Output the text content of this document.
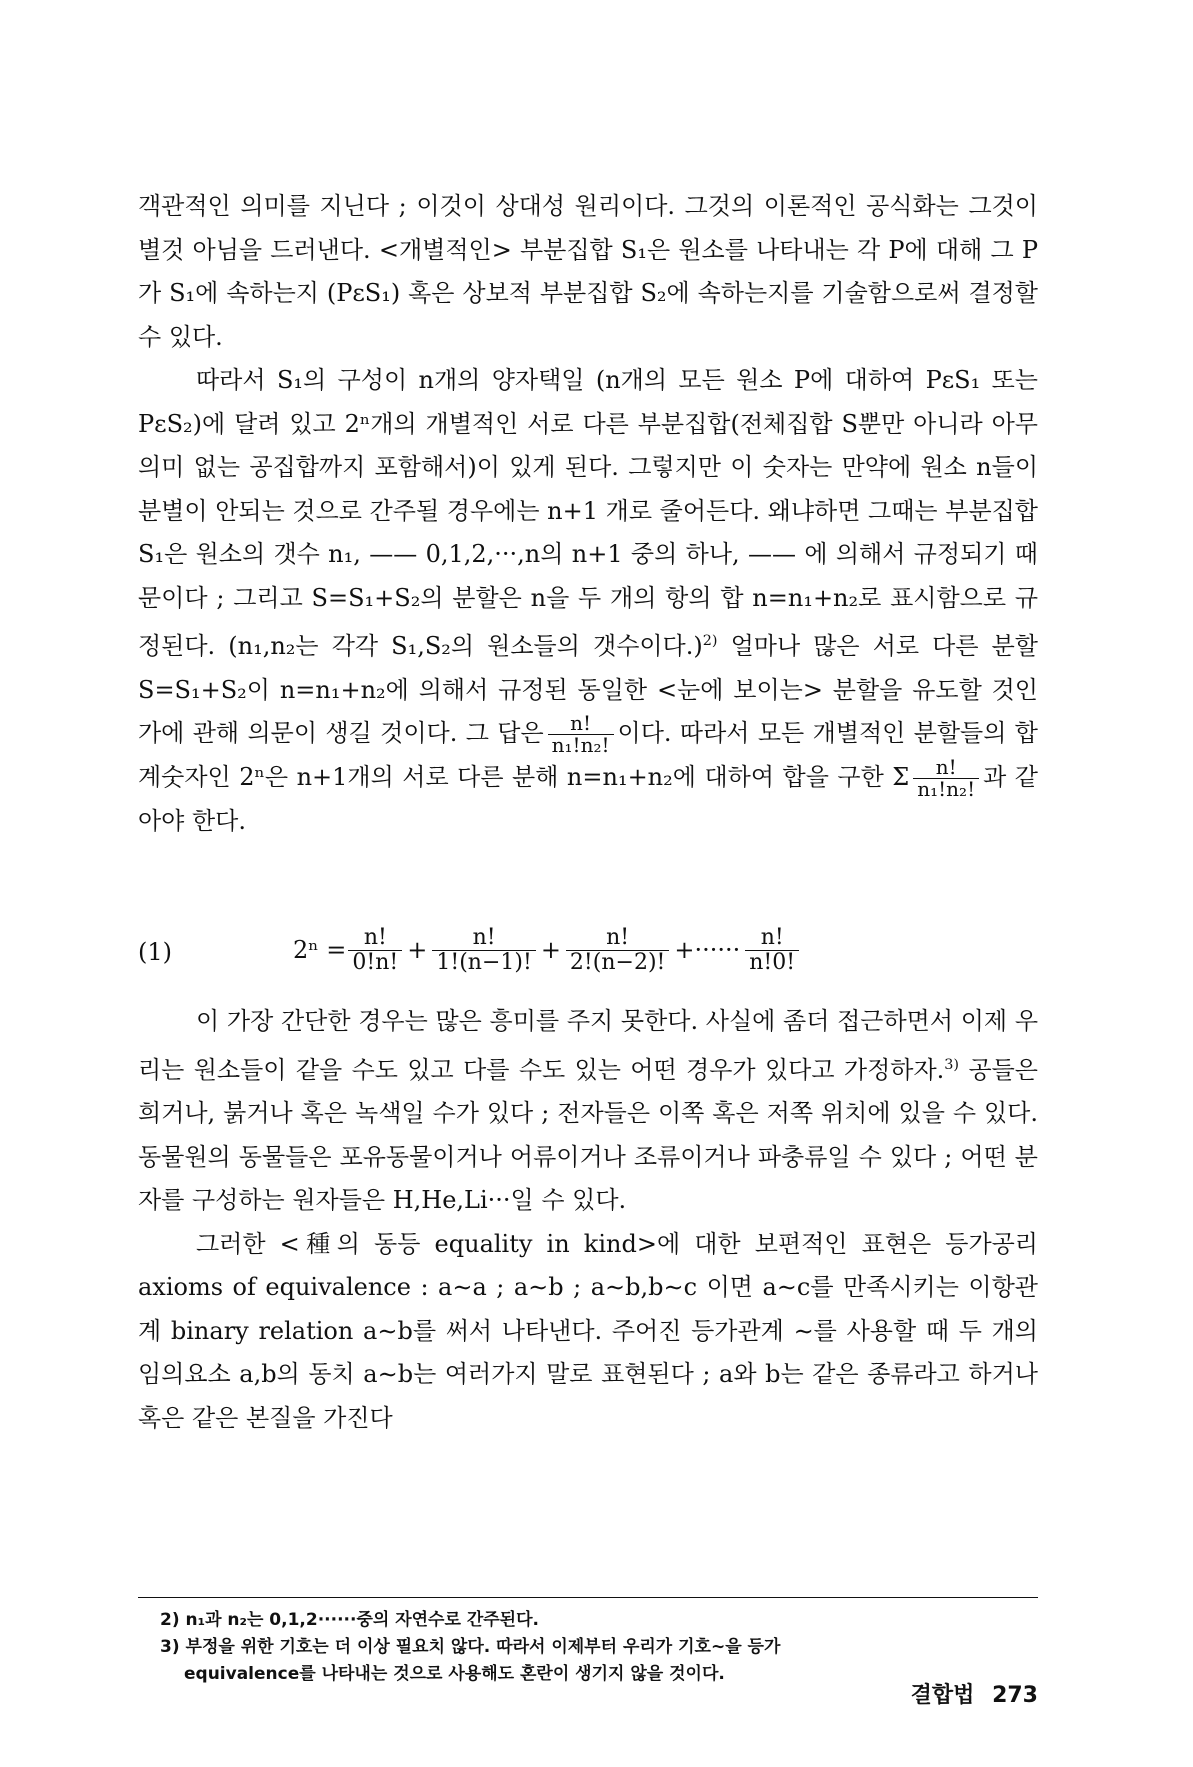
객관적인 의미를 지닌다 ; 이것이 상대성 원리이다. 그것의 이론적인 공식화는 그것이 별것 아님을 드러낸다. <개별적인> 부분집합 S₁은 원소를 나타내는 각 P에 대해 그 P가 S₁에 속하는지 (PεS₁) 혹은 상보적 부분집합 S₂에 속하는지를 기술함으로써 결정할 수 있다.

따라서 S₁의 구성이 n개의 양자택일 (n개의 모든 원소 P에 대하여 PεS₁ 또는 PεS₂)에 달려 있고 2ⁿ개의 개별적인 서로 다른 부분집합(전체집합 S뿐만 아니라 아무 의미 없는 공집합까지 포함해서)이 있게 된다. 그렇지만 이 숫자는 만약에 원소 n들이 분별이 안되는 것으로 간주될 경우에는 n+1 개로 줄어든다. 왜냐하면 그때는 부분집합 S₁은 원소의 갯수 n₁, —— 0,1,2,···,n의 n+1 중의 하나, —— 에 의해서 규정되기 때문이다 ; 그리고 S=S₁+S₂의 분할은 n을 두 개의 항의 합 n=n₁+n₂로 표시함으로 규정된다. (n₁,n₂는 각각 S₁,S₂의 원소들의 갯수이다.)$^{2)}$ 얼마나 많은 서로 다른 분할 S=S₁+S₂이 n=n₁+n₂에 의해서 규정된 동일한 <눈에 보이는> 분할을 유도할 것인가에 관해 의문이 생길 것이다. 그 답은 $\frac{n!}{\text{n₁!n₂!}}$ 이다. 따라서 모든 개별적인 분할들의 합계숫자인 2ⁿ은 n+1개의 서로 다른 분해 n=n₁+n₂에 대하여 합을 구한 Σ $\frac{n!}{\text{n₁!n₂!}}$ 과 같아야 한다.

(1)	$2^n = \frac{n!}{0!n!} + \frac{n!}{1!(n-1)!} + \frac{n!}{2!(n-2)!}$ +······ $\frac{n!}{n!0!}$

이 가장 간단한 경우는 많은 흥미를 주지 못한다. 사실에 좀더 접근하면서 이제 우리는 원소들이 같을 수도 있고 다를 수도 있는 어떤 경우가 있다고 가정하자.$^{3)}$ 공들은 희거나, 붉거나 혹은 녹색일 수가 있다 ; 전자들은 이쪽 혹은 저쪽 위치에 있을 수 있다. 동물원의 동물들은 포유동물이거나 어류이거나 조류이거나 파충류일 수 있다 ; 어떤 분자를 구성하는 원자들은 H,He,Li···일 수 있다.

그러한 <種의 동등 equality in kind>에 대한 보편적인 표현은 등가공리 axioms of equivalence : a∼a ; a∼b ; a∼b,b∼c 이면 a∼c를 만족시키는 이항관계 binary relation a∼b를 써서 나타낸다. 주어진 등가관계 ∼를 사용할 때 두 개의 임의요소 a,b의 동치 a∼b는 여러가지 말로 표현된다 ; a와 b는 같은 종류라고 하거나 혹은 같은 본질을 가진다

2) n₁과 n₂는 0,1,2······중의 자연수로 간주된다.
3) 부정을 위한 기호는 더 이상 필요치 않다. 따라서 이제부터 우리가 기호∼을 등가
equivalence를 나타내는 것으로 사용해도 혼란이 생기지 않을 것이다.
결합법 273
